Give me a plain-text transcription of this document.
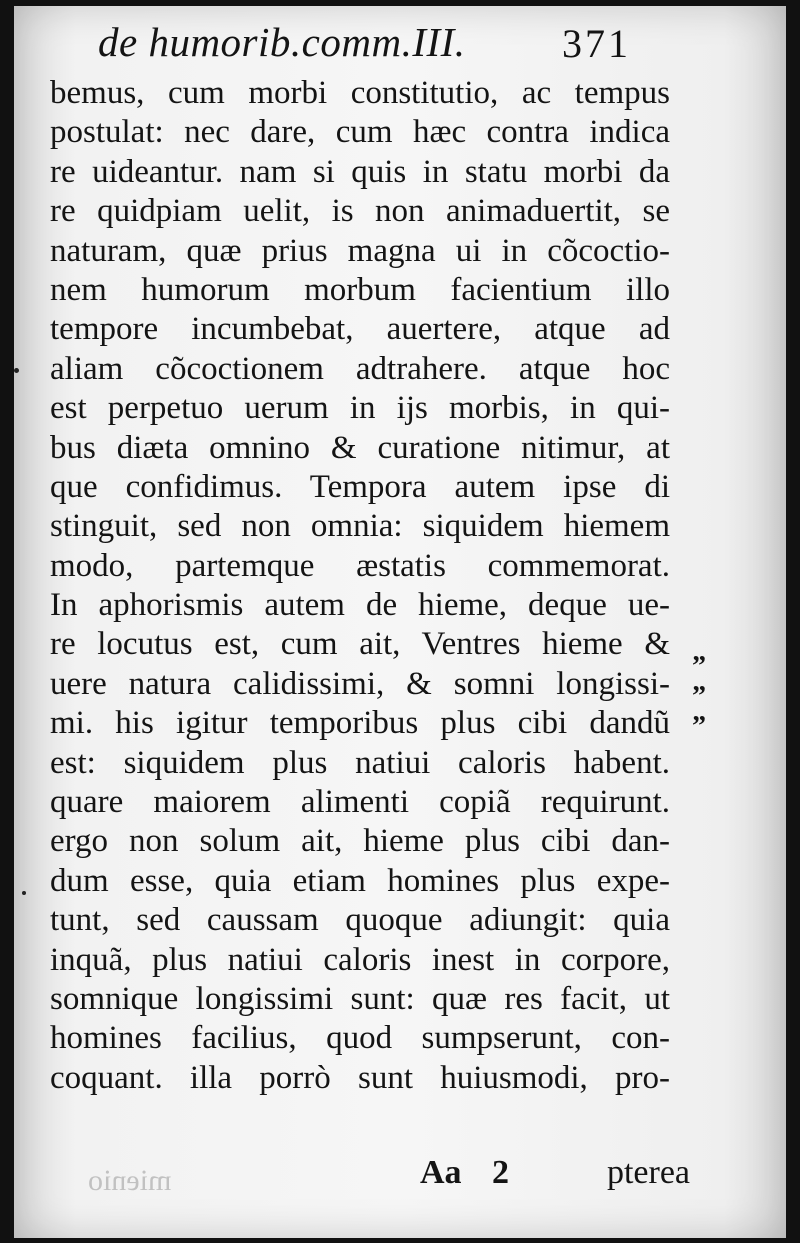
de humorib.comm.III. 371
bemus, cum morbi constitutio, ac tempus
postulat: nec dare, cum hæc contra indica
re uideantur. nam si quis in statu morbi da
re quidpiam uelit, is non animaduertit, se
naturam, quæ prius magna ui in cõcoctio-
nem humorum morbum facientium illo
tempore incumbebat, auertere, atque ad
aliam cõcoctionem adtrahere. atque hoc
est perpetuo uerum in ijs morbis, in qui-
bus diæta omnino & curatione nitimur, at
que confidimus. Tempora autem ipse di
stinguit, sed non omnia: siquidem hiemem
modo, partemque æstatis commemorat.
In aphorismis autem de hieme, deque ue-
re locutus est, cum ait, Ventres hieme &
uere natura calidissimi, & somni longissi-
mi. his igitur temporibus plus cibi dandũ
est: siquidem plus natiui caloris habent.
quare maiorem alimenti copiã requirunt.
ergo non solum ait, hieme plus cibi dan-
dum esse, quia etiam homines plus expe-
tunt, sed caussam quoque adiungit: quia
inquã, plus natiui caloris inest in corpore,
somnique longissimi sunt: quæ res facit, ut
homines facilius, quod sumpserunt, con-
coquant. illa porrò sunt huiusmodi, pro-
”
”
”
mienio	Aa 2	pterea
